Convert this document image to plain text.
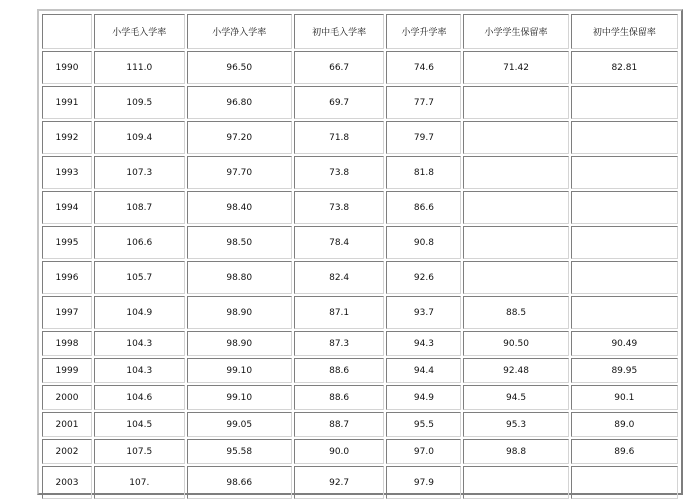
	小学毛入学率	小学净入学率	初中毛入学率	小学升学率	小学学生保留率	初中学生保留率
1990	111.0	96.50	66.7	74.6	71.42	82.81
1991	109.5	96.80	69.7	77.7		
1992	109.4	97.20	71.8	79.7		
1993	107.3	97.70	73.8	81.8		
1994	108.7	98.40	73.8	86.6		
1995	106.6	98.50	78.4	90.8		
1996	105.7	98.80	82.4	92.6		
1997	104.9	98.90	87.1	93.7	88.5	
1998	104.3	98.90	87.3	94.3	90.50	90.49
1999	104.3	99.10	88.6	94.4	92.48	89.95
2000	104.6	99.10	88.6	94.9	94.5	90.1
2001	104.5	99.05	88.7	95.5	95.3	89.0
2002	107.5	95.58	90.0	97.0	98.8	89.6
2003	107.	98.66	92.7	97.9		
